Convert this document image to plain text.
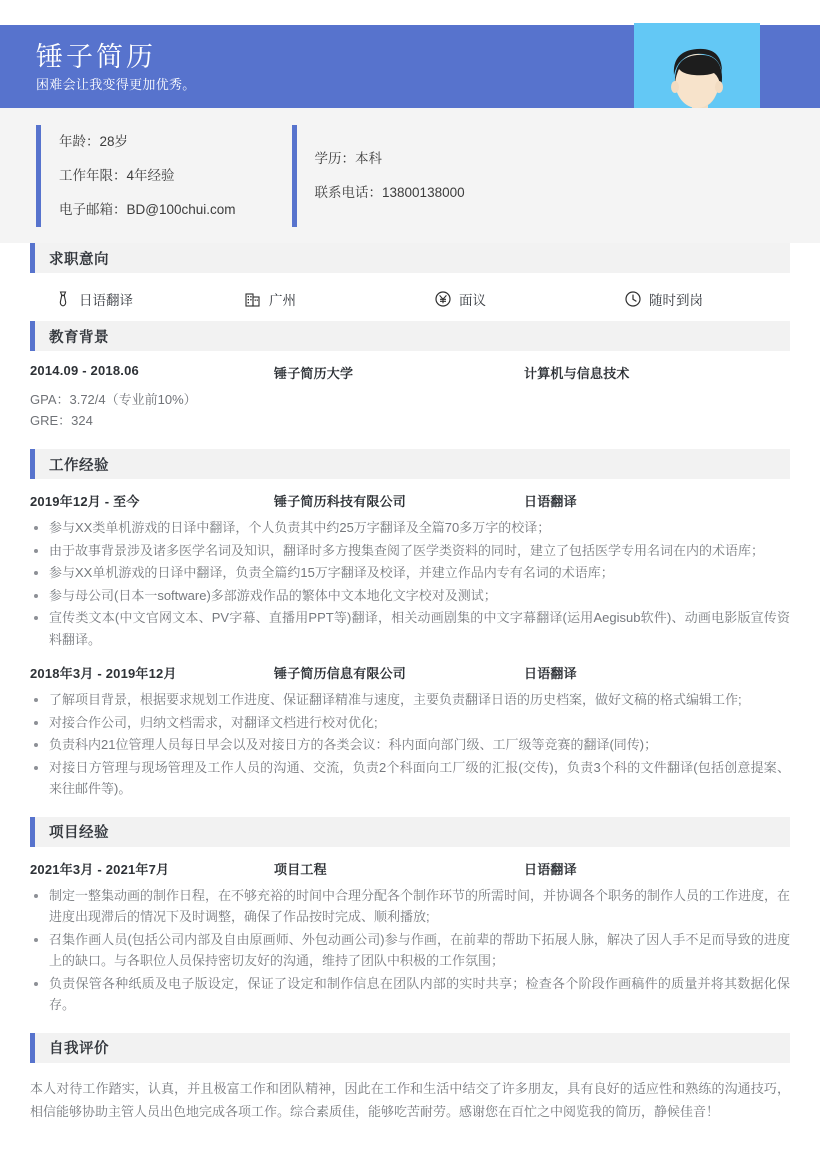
锤子简历
困难会让我变得更加优秀。
年龄：28岁
工作年限：4年经验
电子邮箱：BD@100chui.com
学历：本科
联系电话：13800138000
求职意向
日语翻译	广州	面议	随时到岗
教育背景
2014.09 - 2018.06	锤子简历大学	计算机与信息技术
GPA：3.72/4（专业前10%）
GRE：324
工作经验
2019年12月 - 至今	锤子简历科技有限公司	日语翻译
参与XX类单机游戏的日译中翻译，个人负责其中约25万字翻译及全篇70多万字的校译；
由于故事背景涉及诸多医学名词及知识，翻译时多方搜集查阅了医学类资料的同时，建立了包括医学专用名词在内的术语库；
参与XX单机游戏的日译中翻译，负责全篇约15万字翻译及校译，并建立作品内专有名词的术语库；
参与母公司(日本一software)多部游戏作品的繁体中文本地化文字校对及测试；
宣传类文本(中文官网文本、PV字幕、直播用PPT等)翻译，相关动画剧集的中文字幕翻译(运用Aegisub软件)、动画电影版宣传资料翻译。
2018年3月 - 2019年12月	锤子简历信息有限公司	日语翻译
了解项目背景，根据要求规划工作进度、保证翻译精准与速度，主要负责翻译日语的历史档案，做好文稿的格式编辑工作;
对接合作公司，归纳文档需求，对翻译文档进行校对优化;
负责科内21位管理人员每日早会以及对接日方的各类会议：科内面向部门级、工厂级等竞赛的翻译(同传)；
对接日方管理与现场管理及工作人员的沟通、交流，负责2个科面向工厂级的汇报(交传)，负责3个科的文件翻译(包括创意提案、来往邮件等)。
项目经验
2021年3月 - 2021年7月	项目工程	日语翻译
制定一整集动画的制作日程，在不够充裕的时间中合理分配各个制作环节的所需时间，并协调各个职务的制作人员的工作进度，在进度出现滞后的情况下及时调整，确保了作品按时完成、顺利播放;
召集作画人员(包括公司内部及自由原画师、外包动画公司)参与作画，在前辈的帮助下拓展人脉，解决了因人手不足而导致的进度上的缺口。与各职位人员保持密切友好的沟通，维持了团队中积极的工作氛围；
负责保管各种纸质及电子版设定，保证了设定和制作信息在团队内部的实时共享；检查各个阶段作画稿件的质量并将其数据化保存。
自我评价
本人对待工作踏实，认真，并且极富工作和团队精神，因此在工作和生活中结交了许多朋友，具有良好的适应性和熟练的沟通技巧，相信能够协助主管人员出色地完成各项工作。综合素质佳，能够吃苦耐劳。感谢您在百忙之中阅览我的简历，静候佳音！
